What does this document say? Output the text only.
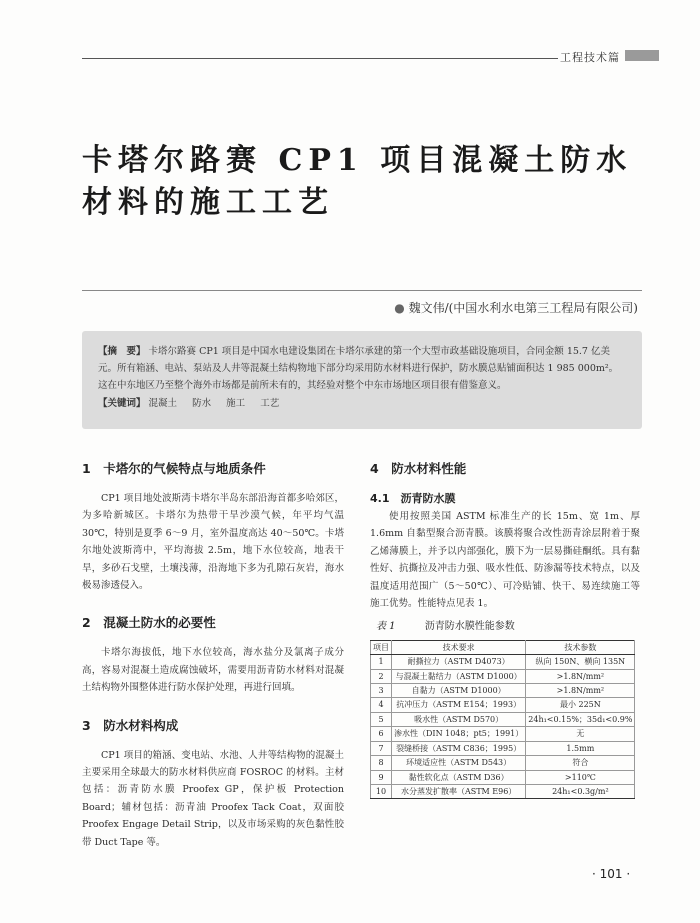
工程技术篇
卡塔尔路赛 CP1 项目混凝土防水材料的施工工艺
● 魏文伟/(中国水利水电第三工程局有限公司)
【摘　要】 卡塔尔路赛 CP1 项目是中国水电建设集团在卡塔尔承建的第一个大型市政基础设施项目，合同金额 15.7 亿美元。所有箱涵、电站、泵站及人井等混凝土结构物地下部分均采用防水材料进行保护，防水膜总贴铺面积达 1 985 000m²。这在中东地区乃至整个海外市场都是前所未有的，其经验对整个中东市场地区项目很有借鉴意义。
【关键词】 混凝土 防水 施工 工艺
1　卡塔尔的气候特点与地质条件

CP1 项目地处波斯湾卡塔尔半岛东部沿海首都多哈郊区，为多哈新城区。卡塔尔为热带干旱沙漠气候，年平均气温 30℃，特别是夏季 6～9 月，室外温度高达 40～50℃。卡塔尔地处波斯湾中，平均海拔 2.5m，地下水位较高，地表干旱，多砂石戈壁，土壤浅薄，沿海地下多为孔隙石灰岩，海水极易渗透侵入。

2　混凝土防水的必要性

卡塔尔海拔低，地下水位较高，海水盐分及氯离子成分高，容易对混凝土造成腐蚀破坏，需要用沥青防水材料对混凝土结构物外围整体进行防水保护处理，再进行回填。

3　防水材料构成

CP1 项目的箱涵、变电站、水池、人井等结构物的混凝土主要采用全球最大的防水材料供应商 FOSROC 的材料。主材包括：沥青防水膜 Proofex GP，保护板 Protection Board；辅材包括：沥青油 Proofex Tack Coat，双面胶 Proofex Engage Detail Strip，以及市场采购的灰色黏性胶带 Duct Tape 等。

4　防水材料性能
4.1　沥青防水膜

使用按照美国 ASTM 标准生产的长 15m、宽 1m、厚 1.6mm 自黏型聚合沥青膜。该膜将聚合改性沥青涂层附着于聚乙烯薄膜上，并予以内部强化，膜下为一层易撕硅酮纸。具有黏性好、抗撕拉及冲击力强、吸水性低、防渗漏等技术特点，以及温度适用范围广（5～50℃）、可冷贴铺、快干、易连续施工等施工优势。性能特点见表 1。

表 1	沥青防水膜性能参数
项目	技术要求	技术参数
1	耐撕拉力（ASTM D4073）	纵向 150N、横向 135N
2	与混凝土黏结力（ASTM D1000）	>1.8N/mm²
3	自黏力（ASTM D1000）	>1.8N/mm²
4	抗冲压力（ASTM E154；1993）	最小 225N
5	吸水性（ASTM D570）	24h₁<0.15%；35d₁<0.9%
6	渗水性（DIN 1048；pt5；1991）	无
7	裂缝桥接（ASTM C836；1995）	1.5mm
8	环境适应性（ASTM D543）	符合
9	黏性软化点（ASTM D36）	>110℃
10	水分蒸发扩散率（ASTM E96）	24h₁<0.3g/m²
· 101 ·
